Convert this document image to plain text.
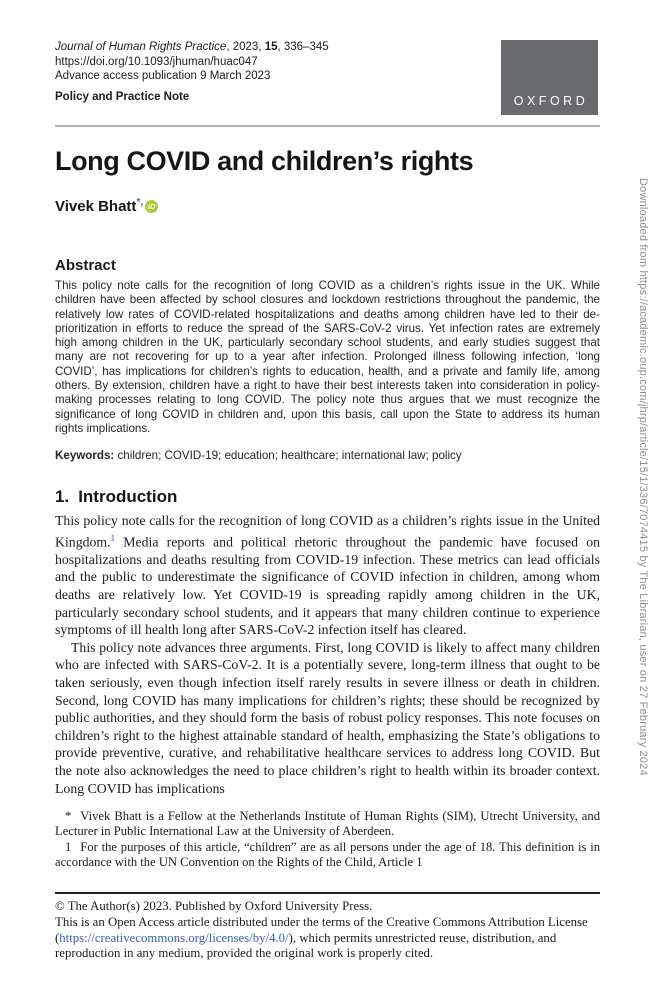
Journal of Human Rights Practice, 2023, 15, 336–345
https://doi.org/10.1093/jhuman/huac047
Advance access publication 9 March 2023
Policy and Practice Note	OXFORD
Long COVID and children’s rights
Vivek Bhatt*, iD
Abstract
This policy note calls for the recognition of long COVID as a children’s rights issue in the UK. While children have been affected by school closures and lockdown restrictions throughout the pandemic, the relatively low rates of COVID-related hospitalizations and deaths among children have led to their de-prioritization in efforts to reduce the spread of the SARS-CoV-2 virus. Yet infection rates are extremely high among children in the UK, particularly secondary school students, and early studies suggest that many are not recovering for up to a year after infection. Prolonged illness following infection, ‘long COVID’, has implications for children’s rights to education, health, and a private and family life, among others. By extension, children have a right to have their best interests taken into consideration in policy-making processes relating to long COVID. The policy note thus argues that we must recognize the significance of long COVID in children and, upon this basis, call upon the State to address its human rights implications.
Keywords: children; COVID-19; education; healthcare; international law; policy
1. Introduction

This policy note calls for the recognition of long COVID as a children’s rights issue in the United Kingdom.$^1$ Media reports and political rhetoric throughout the pandemic have focused on hospitalizations and deaths resulting from COVID-19 infection. These metrics can lead officials and the public to underestimate the significance of COVID infection in children, among whom deaths are relatively low. Yet COVID-19 is spreading rapidly among children in the UK, particularly secondary school students, and it appears that many children continue to experience symptoms of ill health long after SARS-CoV-2 infection itself has cleared.

This policy note advances three arguments. First, long COVID is likely to affect many children who are infected with SARS-CoV-2. It is a potentially severe, long-term illness that ought to be taken seriously, even though infection itself rarely results in severe illness or death in children. Second, long COVID has many implications for children’s rights; these should be recognized by public authorities, and they should form the basis of robust policy responses. This note focuses on children’s right to the highest attainable standard of health, emphasizing the State’s obligations to provide preventive, curative, and rehabilitative healthcare services to address long COVID. But the note also acknowledges the need to place children’s right to health within its broader context. Long COVID has implications

* Vivek Bhatt is a Fellow at the Netherlands Institute of Human Rights (SIM), Utrecht University, and Lecturer in Public International Law at the University of Aberdeen.

1 For the purposes of this article, “children” are as all persons under the age of 18. This definition is in accordance with the UN Convention on the Rights of the Child, Article 1

© The Author(s) 2023. Published by Oxford University Press.

This is an Open Access article distributed under the terms of the Creative Commons Attribution License (https://creativecommons.org/licenses/by/4.0/), which permits unrestricted reuse, distribution, and reproduction in any medium, provided the original work is properly cited.

Downloaded from https://academic.oup.com/jhrp/article/15/1/336/7074415 by The Librarian, user on 27 February 2024
